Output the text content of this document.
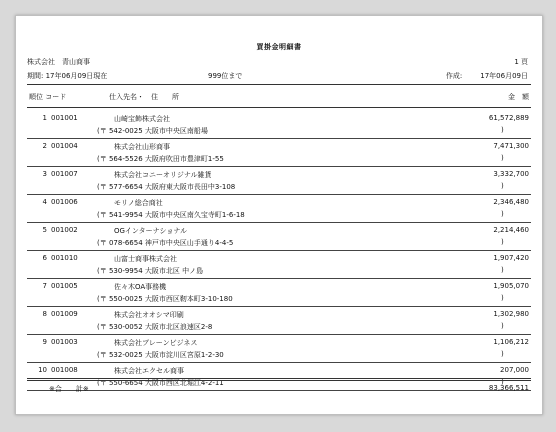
買掛金明細書
株式会社　青山商事	1 頁
期間: 17年06月09日現在	999位まで	作成:	17年06月09日
順位 コード	仕入先名・　住　　所	金　額
1 001001	山崎宝飾株式会社	61,572,889
(〒 542-0025 大阪市中央区南船場	)
2 001004	株式会社山形商事	7,471,300
(〒 564-5526 大阪府吹田市豊津町1-55	)
3 001007	株式会社コニーオリジナル雑貨	3,332,700
(〒 577-6654 大阪府東大阪市長田中3-108	)
4 001006	モリノ総合商社	2,346,480
(〒 541-9954 大阪市中央区南久宝寺町1-6-18	)
5 001002	OGインターナショナル	2,214,460
(〒 078-6654 神戸市中央区山手通り4-4-5	)
6 001010	山富士商事株式会社	1,907,420
(〒 530-9954 大阪市北区 中ノ島	)
7 001005	佐々木OA事務機	1,905,070
(〒 550-0025 大阪市西区靭本町3-10-180	)
8 001009	株式会社オオシマ印刷	1,302,980
(〒 530-0052 大阪市北区浪速区2-8	)
9 001003	株式会社ブレーンビジネス	1,106,212
(〒 532-0025 大阪市淀川区宮原1-2-30	)
10 001008	株式会社エクセル商事	207,000
(〒 550-6654 大阪市西区北堀江4-2-11	)
※合　　計※	83,366,511
